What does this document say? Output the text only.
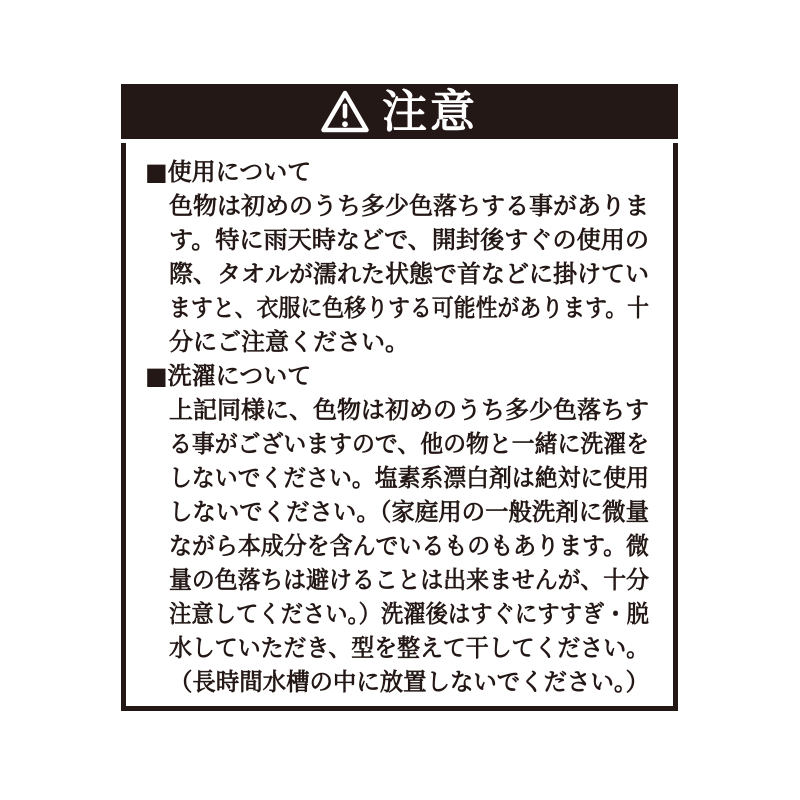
注意
■使用について
色物は初めのうち多少色落ちする事がありま
す。特に雨天時などで、開封後すぐの使用の
際、タオルが濡れた状態で首などに掛けてい
ますと、衣服に色移りする可能性があります。十
分にご注意ください。
■洗濯について
上記同様に、色物は初めのうち多少色落ちす
る事がございますので、他の物と一緒に洗濯を
しないでください。塩素系漂白剤は絶対に使用
しないでください。（家庭用の一般洗剤に微量
ながら本成分を含んでいるものもあります。微
量の色落ちは避けることは出来ませんが、十分
注意してください。）洗濯後はすぐにすすぎ・脱
水していただき、型を整えて干してください。
（長時間水槽の中に放置しないでください。）
